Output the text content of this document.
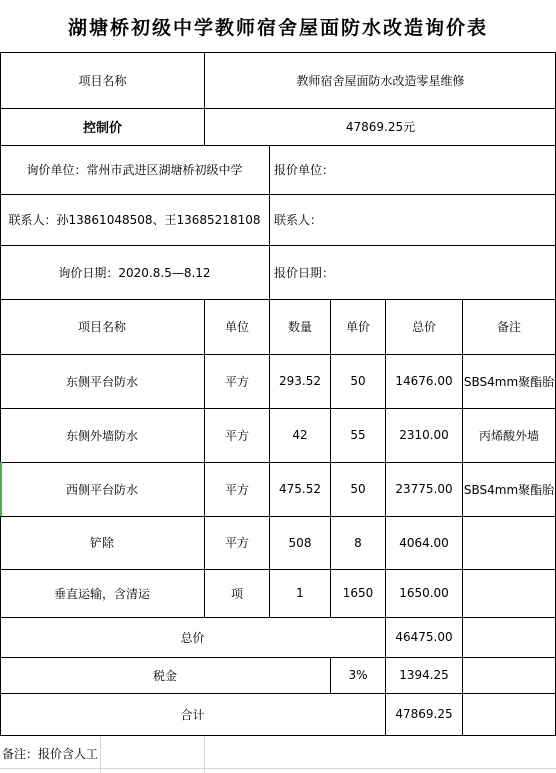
湖塘桥初级中学教师宿舍屋面防水改造询价表
项目名称	教师宿舍屋面防水改造零星维修
控制价	47869.25元
询价单位：常州市武进区湖塘桥初级中学	报价单位：
联系人：孙13861048508、王13685218108	联系人：
询价日期：2020.8.5—8.12	报价日期：
项目名称	单位	数量	单价	总价	备注
东侧平台防水	平方	293.52	50	14676.00 SBS4mm聚酯胎
东侧外墙防水	平方	42	55	2310.00	丙烯酸外墙
西侧平台防水	平方	475.52	50	23775.00 SBS4mm聚酯胎
铲除	平方	508	8	4064.00
垂直运输，含清运	项	1	1650	1650.00
总价	46475.00
税金	3%	1394.25
合计	47869.25
备注：报价含人工
